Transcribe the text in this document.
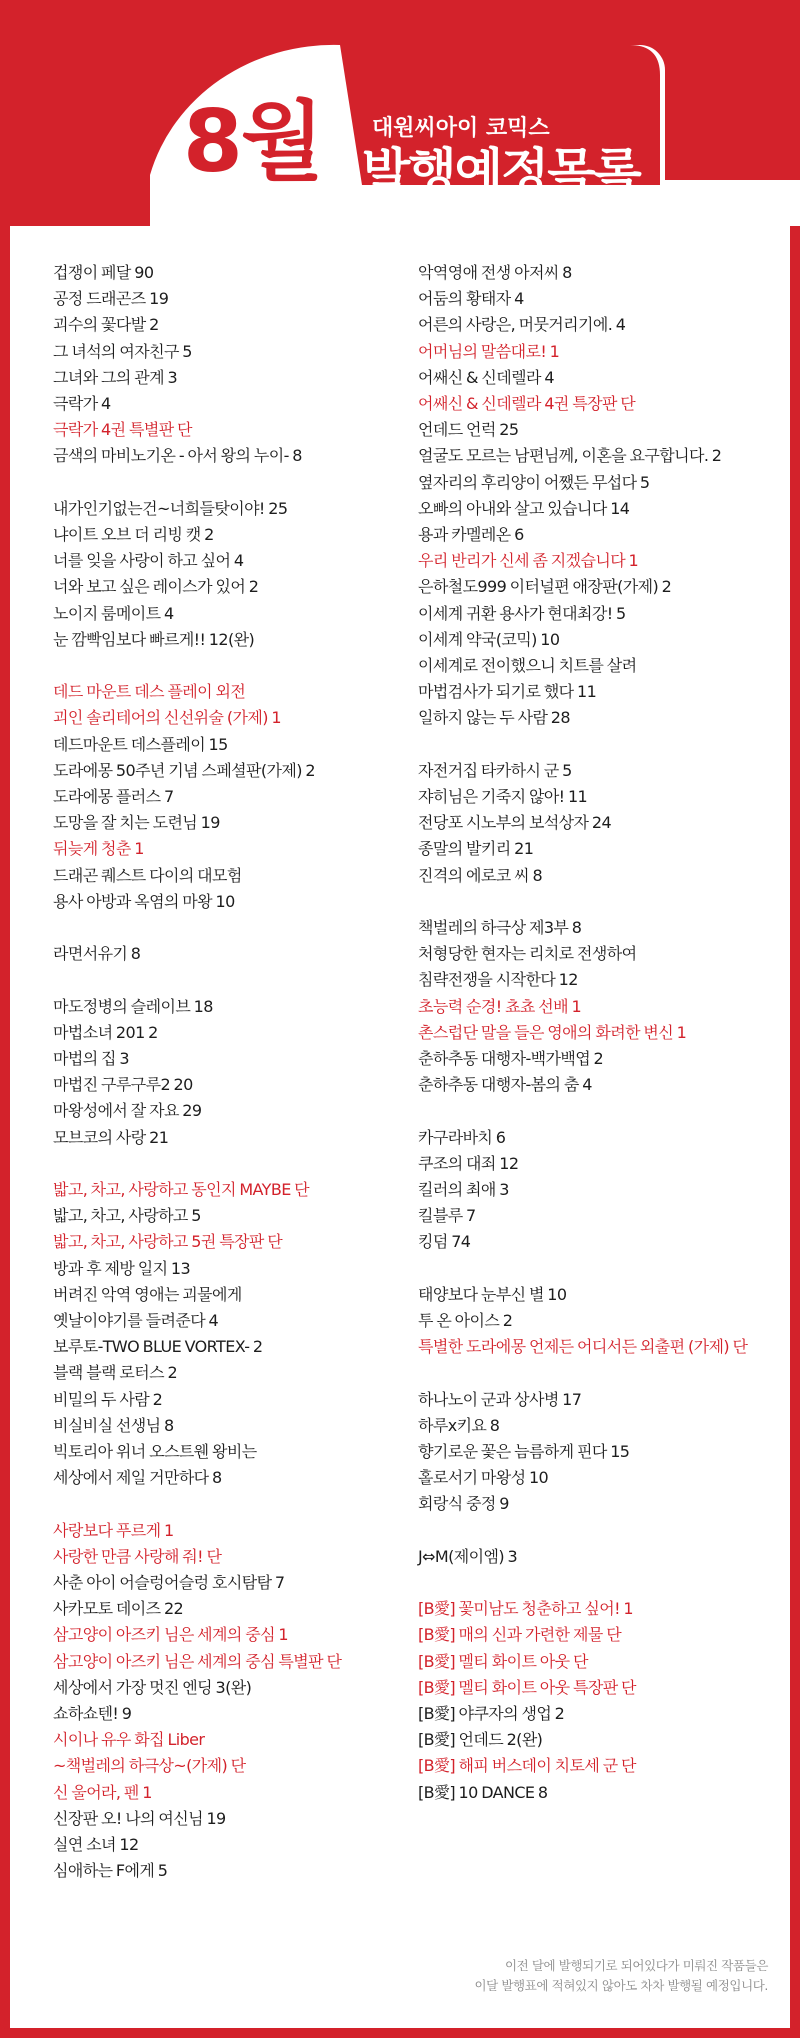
8월 대원씨아이 코믹스
발행예정목록
겁쟁이 페달 90
공정 드래곤즈 19
괴수의 꽃다발 2
그 녀석의 여자친구 5
그녀와 그의 관계 3
극락가 4
극락가 4권 특별판 단
금색의 마비노기온 - 아서 왕의 누이- 8
내가인기없는건~너희들탓이야! 25
냐이트 오브 더 리빙 캣 2
너를 잊을 사랑이 하고 싶어 4
너와 보고 싶은 레이스가 있어 2
노이지 룸메이트 4
눈 깜빡임보다 빠르게!! 12(완)
데드 마운트 데스 플레이 외전
괴인 솔리테어의 신선위술 (가제) 1
데드마운트 데스플레이 15
도라에몽 50주년 기념 스페셜판(가제) 2
도라에몽 플러스 7
도망을 잘 치는 도련님 19
뒤늦게 청춘 1
드래곤 퀘스트 다이의 대모험
용사 아방과 옥염의 마왕 10
라면서유기 8
마도정병의 슬레이브 18
마법소녀 201 2
마법의 집 3
마법진 구루구루2 20
마왕성에서 잘 자요 29
모브코의 사랑 21
밟고, 차고, 사랑하고 동인지 MAYBE 단
밟고, 차고, 사랑하고 5
밟고, 차고, 사랑하고 5권 특장판 단
방과 후 제방 일지 13
버려진 악역 영애는 괴물에게
옛날이야기를 들려준다 4
보루토-TWO BLUE VORTEX- 2
블랙 블랙 로터스 2
비밀의 두 사람 2
비실비실 선생님 8
빅토리아 위너 오스트웬 왕비는
세상에서 제일 거만하다 8
사랑보다 푸르게 1
사랑한 만큼 사랑해 줘! 단
사춘 아이 어슬렁어슬렁 호시탐탐 7
사카모토 데이즈 22
삼고양이 아즈키 님은 세계의 중심 1
삼고양이 아즈키 님은 세계의 중심 특별판 단
세상에서 가장 멋진 엔딩 3(완)
쇼하쇼텐! 9
시이나 유우 화집 Liber
~책벌레의 하극상~(가제) 단
신 울어라, 펜 1
신장판 오! 나의 여신님 19
실연 소녀 12
심애하는 F에게 5
악역영애 전생 아저씨 8
어둠의 황태자 4
어른의 사랑은, 머뭇거리기에. 4
어머님의 말씀대로! 1
어쌔신 & 신데렐라 4
어쌔신 & 신데렐라 4권 특장판 단
언데드 언럭 25
얼굴도 모르는 남편님께, 이혼을 요구합니다. 2
옆자리의 후리양이 어쨌든 무섭다 5
오빠의 아내와 살고 있습니다 14
용과 카멜레온 6
우리 반리가 신세 좀 지겠습니다 1
은하철도999 이터널편 애장판(가제) 2
이세계 귀환 용사가 현대최강! 5
이세계 약국(코믹) 10
이세계로 전이했으니 치트를 살려
마법검사가 되기로 했다 11
일하지 않는 두 사람 28
자전거집 타카하시 군 5
쟈히님은 기죽지 않아! 11
전당포 시노부의 보석상자 24
종말의 발키리 21
진격의 에로코 씨 8
책벌레의 하극상 제3부 8
처형당한 현자는 리치로 전생하여
침략전쟁을 시작한다 12
초능력 순경! 쵸쵸 선배 1
촌스럽단 말을 들은 영애의 화려한 변신 1
춘하추동 대행자-백가백엽 2
춘하추동 대행자-봄의 춤 4
카구라바치 6
쿠조의 대죄 12
킬러의 최애 3
킬블루 7
킹덤 74
태양보다 눈부신 별 10
투 온 아이스 2
특별한 도라에몽 언제든 어디서든 외출편 (가제) 단
하나노이 군과 상사병 17
하루x키요 8
향기로운 꽃은 늠름하게 핀다 15
홀로서기 마왕성 10
회랑식 중정 9
J⇔M(제이엠) 3
[B愛] 꽃미남도 청춘하고 싶어! 1
[B愛] 매의 신과 가련한 제물 단
[B愛] 멜티 화이트 아웃 단
[B愛] 멜티 화이트 아웃 특장판 단
[B愛] 야쿠자의 생업 2
[B愛] 언데드 2(완)
[B愛] 해피 버스데이 치토세 군 단
[B愛] 10 DANCE 8
이전 달에 발행되기로 되어있다가 미뤄진 작품들은
이달 발행표에 적혀있지 않아도 차차 발행될 예정입니다.
